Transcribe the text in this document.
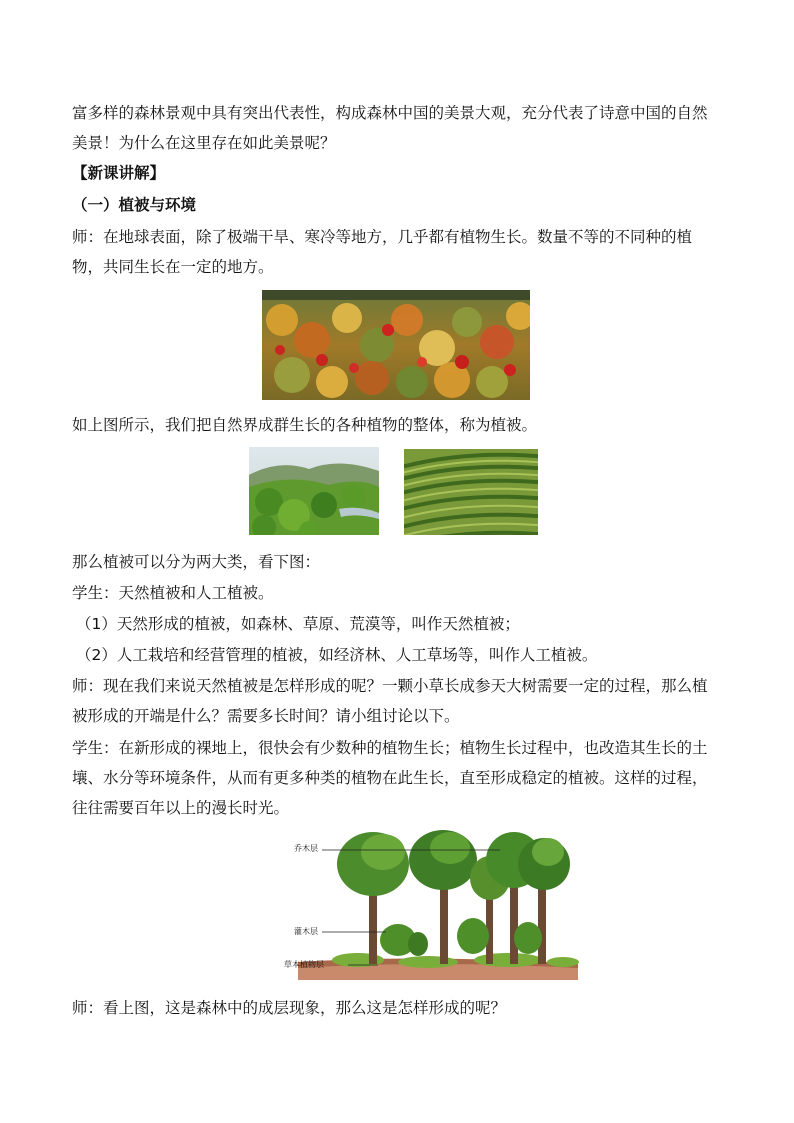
富多样的森林景观中具有突出代表性，构成森林中国的美景大观，充分代表了诗意中国的自然美景！为什么在这里存在如此美景呢？

【新课讲解】

（一）植被与环境

师：在地球表面，除了极端干旱、寒冷等地方，几乎都有植物生长。数量不等的不同种的植物，共同生长在一定的地方。

如上图所示，我们把自然界成群生长的各种植物的整体，称为植被。

那么植被可以分为两大类，看下图：

学生：天然植被和人工植被。

（1）天然形成的植被，如森林、草原、荒漠等，叫作天然植被；

（2）人工栽培和经营管理的植被，如经济林、人工草场等，叫作人工植被。

师：现在我们来说天然植被是怎样形成的呢？一颗小草长成参天大树需要一定的过程，那么植被形成的开端是什么？需要多长时间？请小组讨论以下。

学生：在新形成的裸地上，很快会有少数种的植物生长；植物生长过程中，也改造其生长的土壤、水分等环境条件，从而有更多种类的植物在此生长，直至形成稳定的植被。这样的过程，往往需要百年以上的漫长时光。

乔木层
灌木层
草本植物层

师：看上图，这是森林中的成层现象，那么这是怎样形成的呢？
